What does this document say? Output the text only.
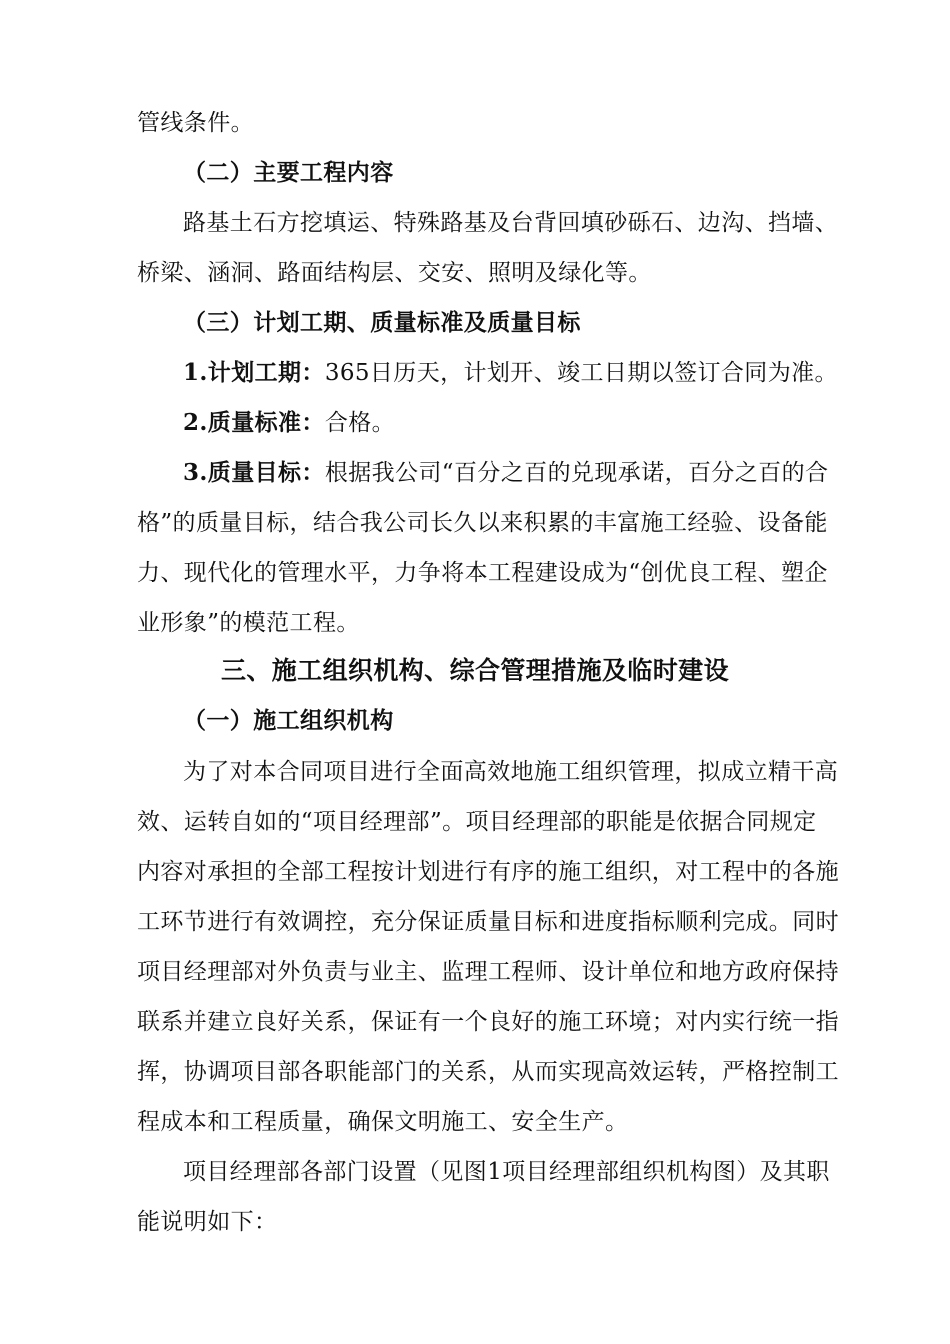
管线条件。
（二）主要工程内容
路基土石方挖填运、特殊路基及台背回填砂砾石、边沟、挡墙、
桥梁、涵洞、路面结构层、交安、照明及绿化等。
（三）计划工期、质量标准及质量目标
1.计划工期：365日历天，计划开、竣工日期以签订合同为准。
2.质量标准：合格。
3.质量目标：根据我公司“百分之百的兑现承诺，百分之百的合
格”的质量目标，结合我公司长久以来积累的丰富施工经验、设备能
力、现代化的管理水平，力争将本工程建设成为“创优良工程、塑企
业形象”的模范工程。
三、施工组织机构、综合管理措施及临时建设
（一）施工组织机构
为了对本合同项目进行全面高效地施工组织管理，拟成立精干高
效、运转自如的“项目经理部”。项目经理部的职能是依据合同规定
内容对承担的全部工程按计划进行有序的施工组织，对工程中的各施
工环节进行有效调控，充分保证质量目标和进度指标顺利完成。同时
项目经理部对外负责与业主、监理工程师、设计单位和地方政府保持
联系并建立良好关系，保证有一个良好的施工环境；对内实行统一指
挥，协调项目部各职能部门的关系，从而实现高效运转，严格控制工
程成本和工程质量，确保文明施工、安全生产。
项目经理部各部门设置（见图1项目经理部组织机构图）及其职
能说明如下：
